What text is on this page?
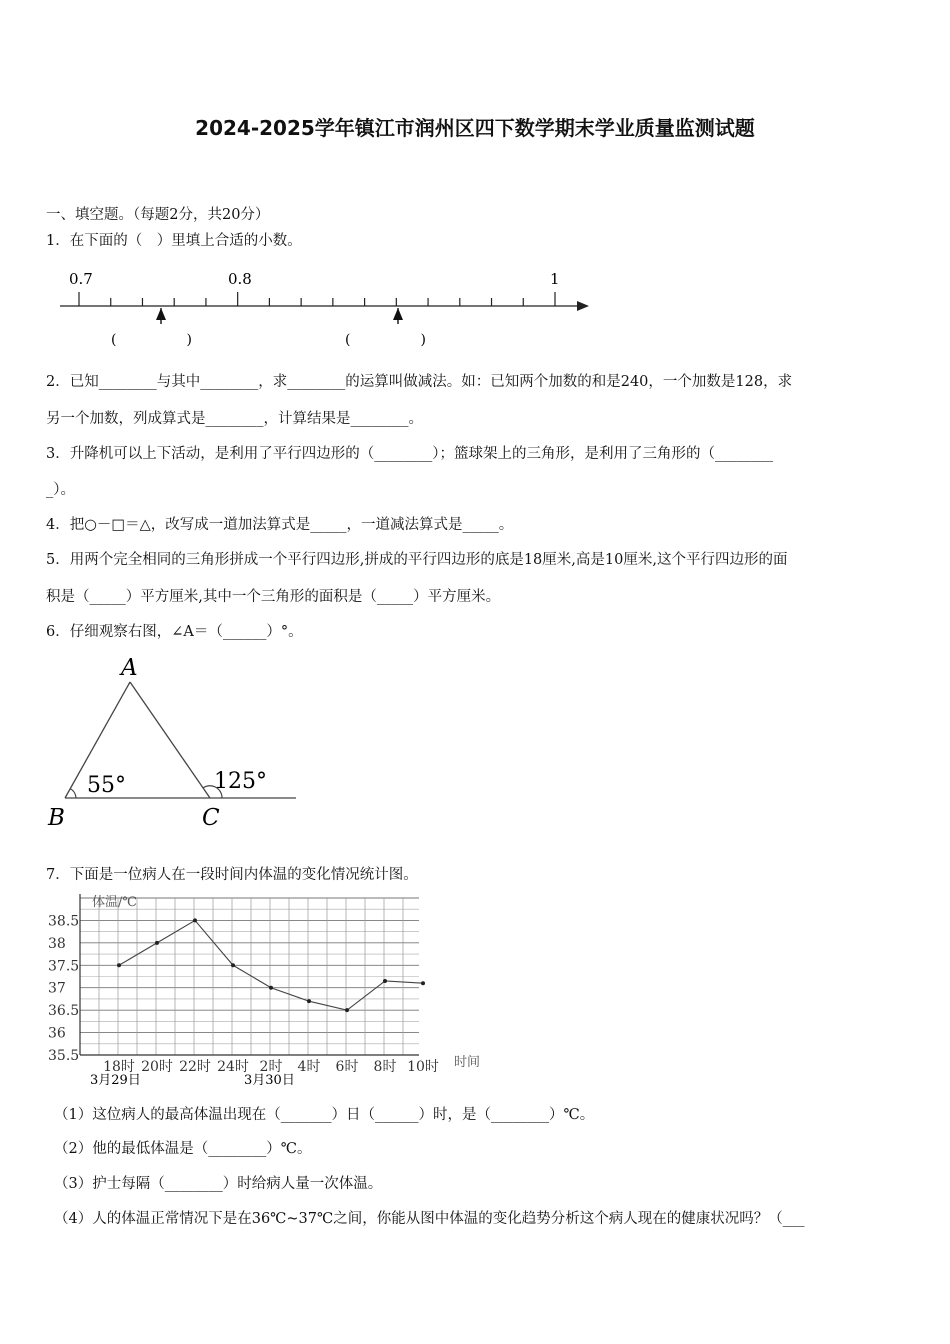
2024-2025学年镇江市润州区四下数学期末学业质量监测试题
一、填空题。（每题2分，共20分）
1．在下面的（　）里填上合适的小数。
0.7	0.8	1
(　　　　　)	(　　　　　)
2．已知________与其中________，求________的运算叫做减法。如：已知两个加数的和是240，一个加数是128，求
另一个加数，列成算式是________，计算结果是________。
3．升降机可以上下活动，是利用了平行四边形的（________）；篮球架上的三角形，是利用了三角形的（________
_）。
4．把○－□＝△，改写成一道加法算式是_____，一道减法算式是_____。
5．用两个完全相同的三角形拼成一个平行四边形,拼成的平行四边形的底是18厘米,高是10厘米,这个平行四边形的面
积是（_____）平方厘米,其中一个三角形的面积是（_____）平方厘米。
6．仔细观察右图，∠A＝（______）°。
A
B	C
55°	125°
7．下面是一位病人在一段时间内体温的变化情况统计图。
35.5
36
36.5
37
37.5
38
38.5
18时 20时 22时 24时 2时 4时 6时 8时 10时
体温/℃
时间
3月29日	3月30日
（1）这位病人的最高体温出现在（_______）日（______）时，是（________）℃。
（2）他的最低体温是（________）℃。
（3）护士每隔（________）时给病人量一次体温。
（4）人的体温正常情况下是在36℃~37℃之间，你能从图中体温的变化趋势分析这个病人现在的健康状况吗？（___
